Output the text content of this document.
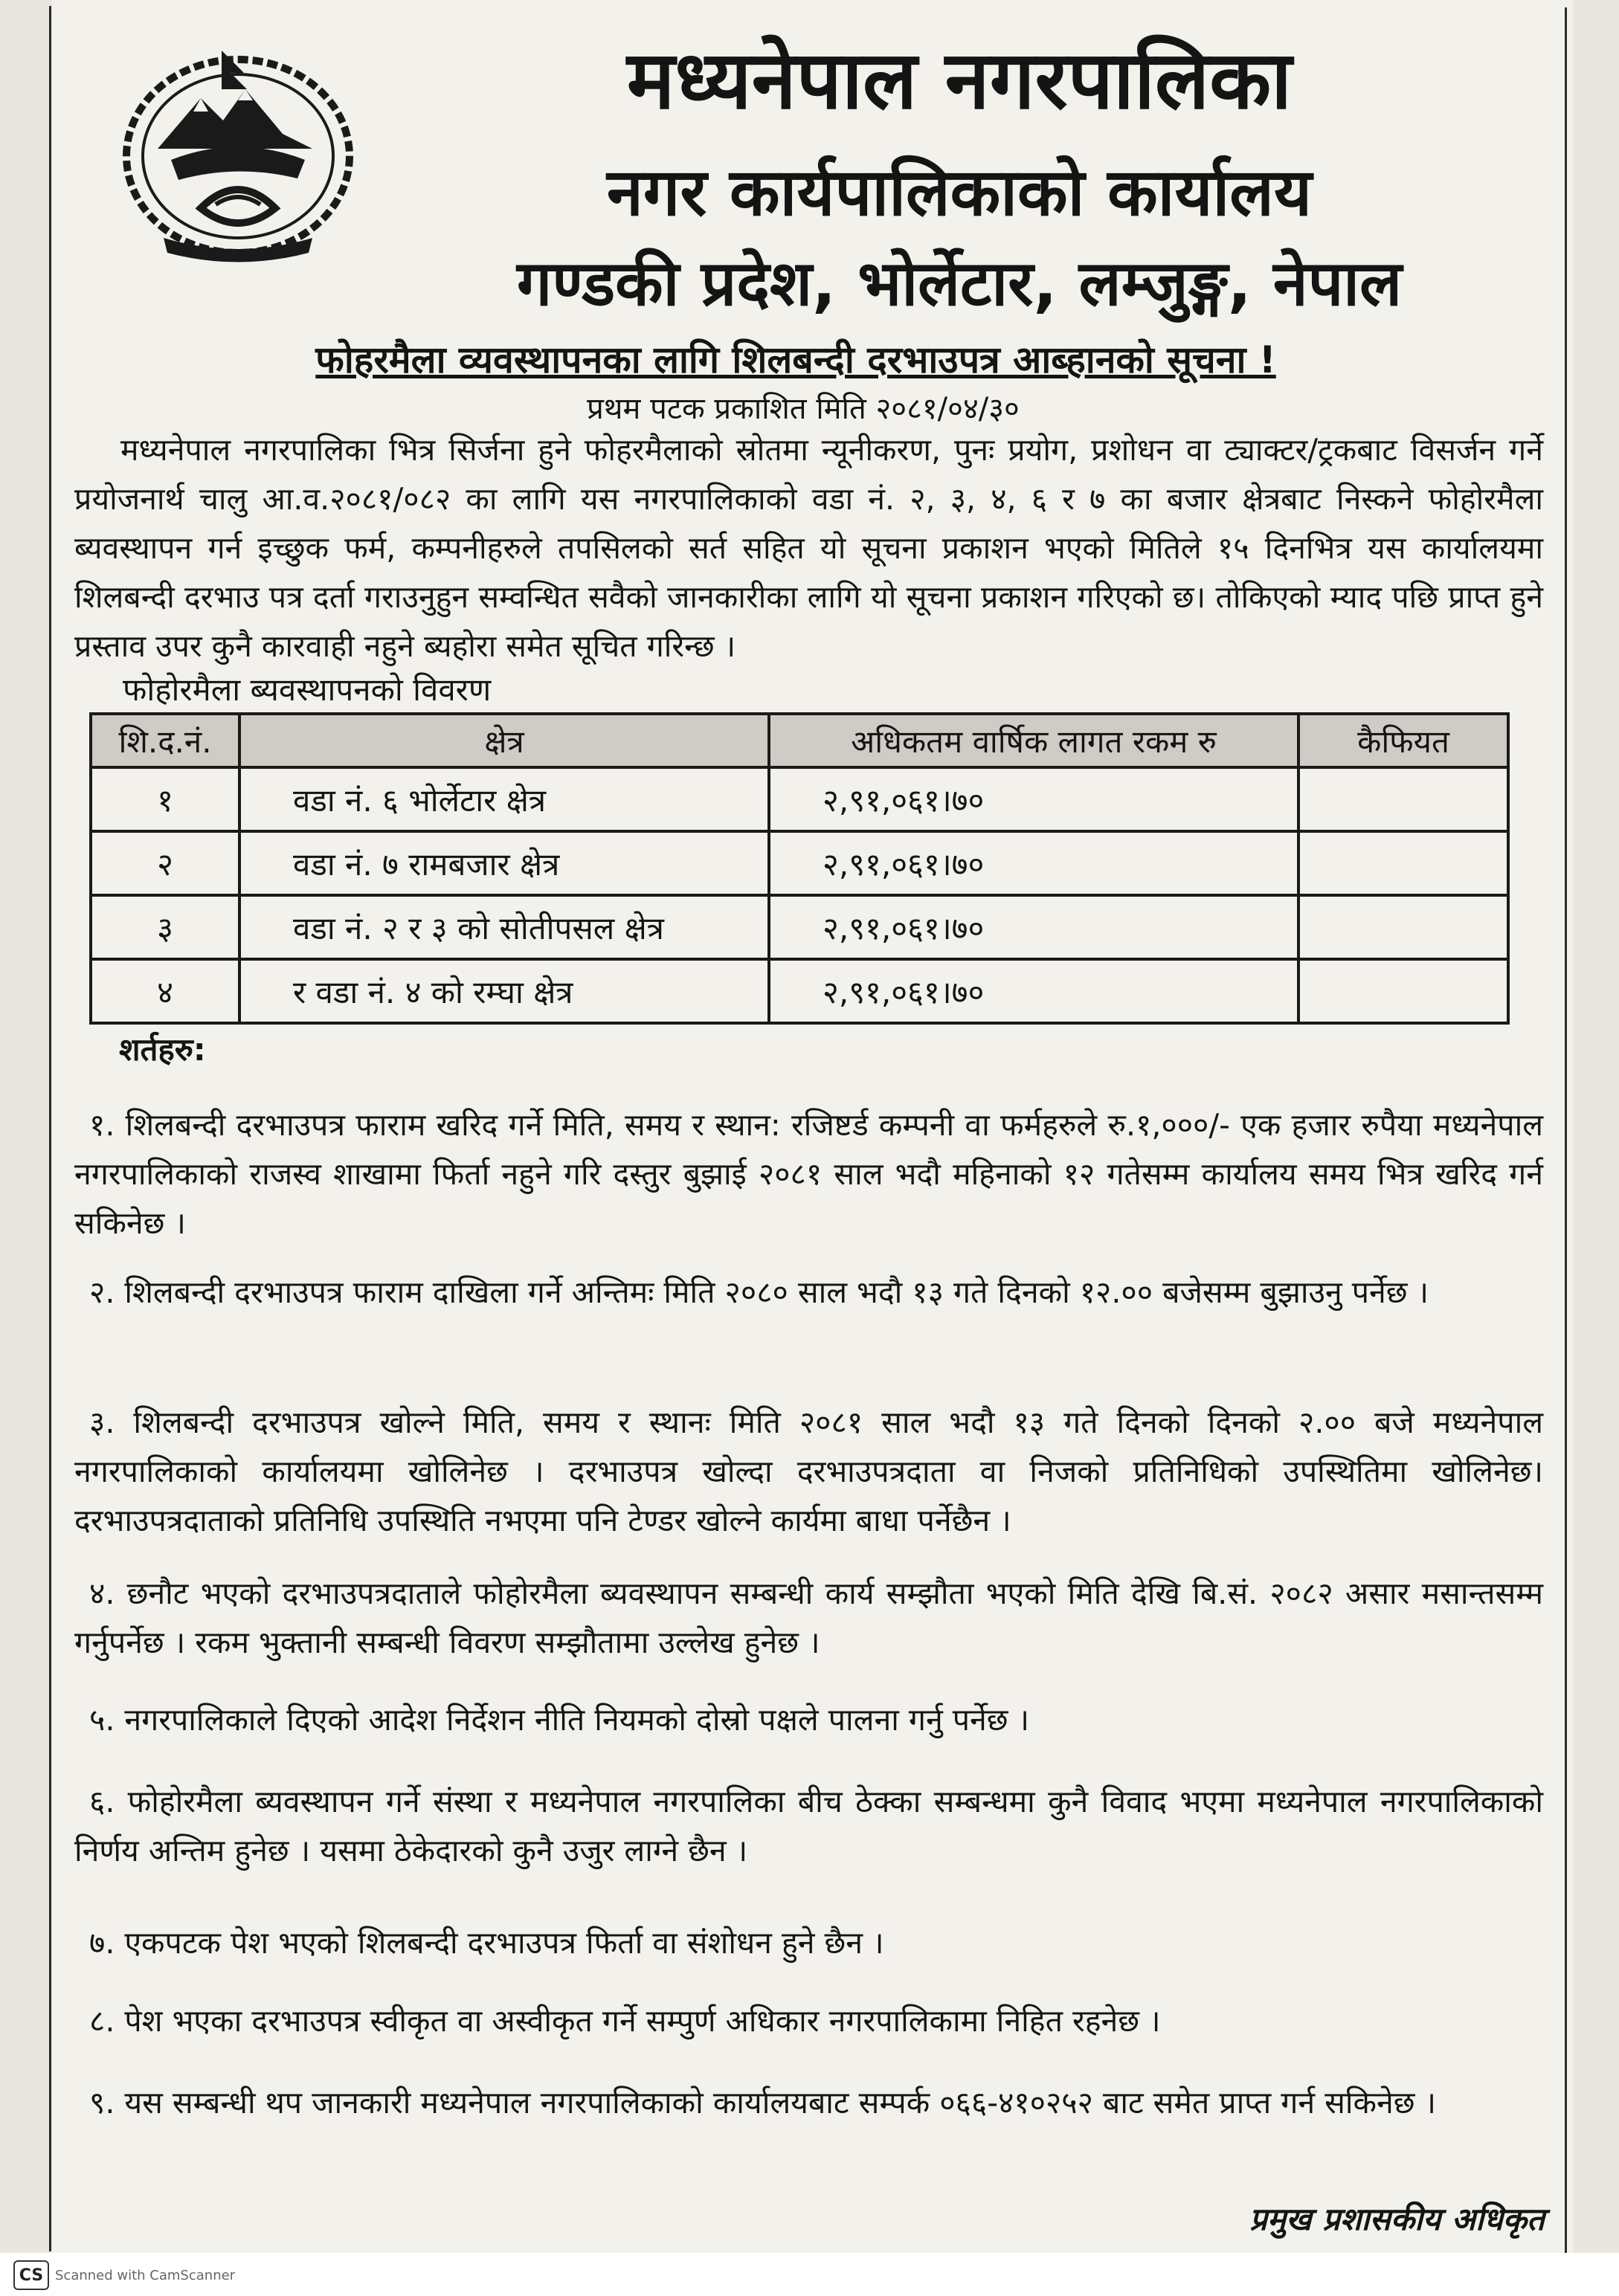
मध्यनेपाल नगरपालिका
नगर कार्यपालिकाको कार्यालय
गण्डकी प्रदेश, भोर्लेटार, लम्जुङ्ग, नेपाल
फोहरमैला व्यवस्थापनका लागि शिलबन्दी दरभाउपत्र आब्हानको सूचना !
प्रथम पटक प्रकाशित मिति २०८१/०४/३०
मध्यनेपाल नगरपालिका भित्र सिर्जना हुने फोहरमैलाको स्रोतमा न्यूनीकरण, पुनः प्रयोग, प्रशोधन वा ट्याक्टर/ट्रकबाट विसर्जन गर्ने प्रयोजनार्थ चालु आ.व.२०८१/०८२ का लागि यस नगरपालिकाको वडा नं. २, ३, ४, ६ र ७ का बजार क्षेत्रबाट निस्कने फोहोरमैला ब्यवस्थापन गर्न इच्छुक फर्म, कम्पनीहरुले तपसिलको सर्त सहित यो सूचना प्रकाशन भएको मितिले १५ दिनभित्र यस कार्यालयमा शिलबन्दी दरभाउ पत्र दर्ता गराउनुहुन सम्वन्धित सवैको जानकारीका लागि यो सूचना प्रकाशन गरिएको छ। तोकिएको म्याद पछि प्राप्त हुने प्रस्ताव उपर कुनै कारवाही नहुने ब्यहोरा समेत सूचित गरिन्छ ।
फोहोरमैला ब्यवस्थापनको विवरण
शि.द.नं.	क्षेत्र	अधिकतम वार्षिक लागत रकम रु	कैफियत
१	वडा नं. ६ भोर्लेटार क्षेत्र	२,९१,०६१।७०	
२	वडा नं. ७ रामबजार क्षेत्र	२,९१,०६१।७०	
३	वडा नं. २ र ३ को सोतीपसल क्षेत्र	२,९१,०६१।७०	
४	र वडा नं. ४ को रम्घा क्षेत्र	२,९१,०६१।७०	
शर्तहरु:
१. शिलबन्दी दरभाउपत्र फाराम खरिद गर्ने मिति, समय र स्थान: रजिष्टर्ड कम्पनी वा फर्महरुले रु.१,०००/- एक हजार रुपैया मध्यनेपाल नगरपालिकाको राजस्व शाखामा फिर्ता नहुने गरि दस्तुर बुझाई २०८१ साल भदौ महिनाको १२ गतेसम्म कार्यालय समय भित्र खरिद गर्न सकिनेछ ।
२. शिलबन्दी दरभाउपत्र फाराम दाखिला गर्ने अन्तिमः मिति २०८० साल भदौ १३ गते दिनको १२.०० बजेसम्म बुझाउनु पर्नेछ ।
३. शिलबन्दी दरभाउपत्र खोल्ने मिति, समय र स्थानः मिति २०८१ साल भदौ १३ गते दिनको दिनको २.०० बजे मध्यनेपाल नगरपालिकाको कार्यालयमा खोलिनेछ । दरभाउपत्र खोल्दा दरभाउपत्रदाता वा निजको प्रतिनिधिको उपस्थितिमा खोलिनेछ।दरभाउपत्रदाताको प्रतिनिधि उपस्थिति नभएमा पनि टेण्डर खोल्ने कार्यमा बाधा पर्नेछैन ।
४. छनौट भएको दरभाउपत्रदाताले फोहोरमैला ब्यवस्थापन सम्बन्धी कार्य सम्झौता भएको मिति देखि बि.सं. २०८२ असार मसान्तसम्म गर्नुपर्नेछ । रकम भुक्तानी सम्बन्धी विवरण सम्झौतामा उल्लेख हुनेछ ।
५. नगरपालिकाले दिएको आदेश निर्देशन नीति नियमको दोस्रो पक्षले पालना गर्नु पर्नेछ ।
६. फोहोरमैला ब्यवस्थापन गर्ने संस्था र मध्यनेपाल नगरपालिका बीच ठेक्का सम्बन्धमा कुनै विवाद भएमा मध्यनेपाल नगरपालिकाको निर्णय अन्तिम हुनेछ । यसमा ठेकेदारको कुनै उजुर लाग्ने छैन ।
७. एकपटक पेश भएको शिलबन्दी दरभाउपत्र फिर्ता वा संशोधन हुने छैन ।
८. पेश भएका दरभाउपत्र स्वीकृत वा अस्वीकृत गर्ने सम्पुर्ण अधिकार नगरपालिकामा निहित रहनेछ ।
९. यस सम्बन्धी थप जानकारी मध्यनेपाल नगरपालिकाको कार्यालयबाट सम्पर्क ०६६-४१०२५२ बाट समेत प्राप्त गर्न सकिनेछ ।
प्रमुख प्रशासकीय अधिकृत
CS Scanned with CamScanner
